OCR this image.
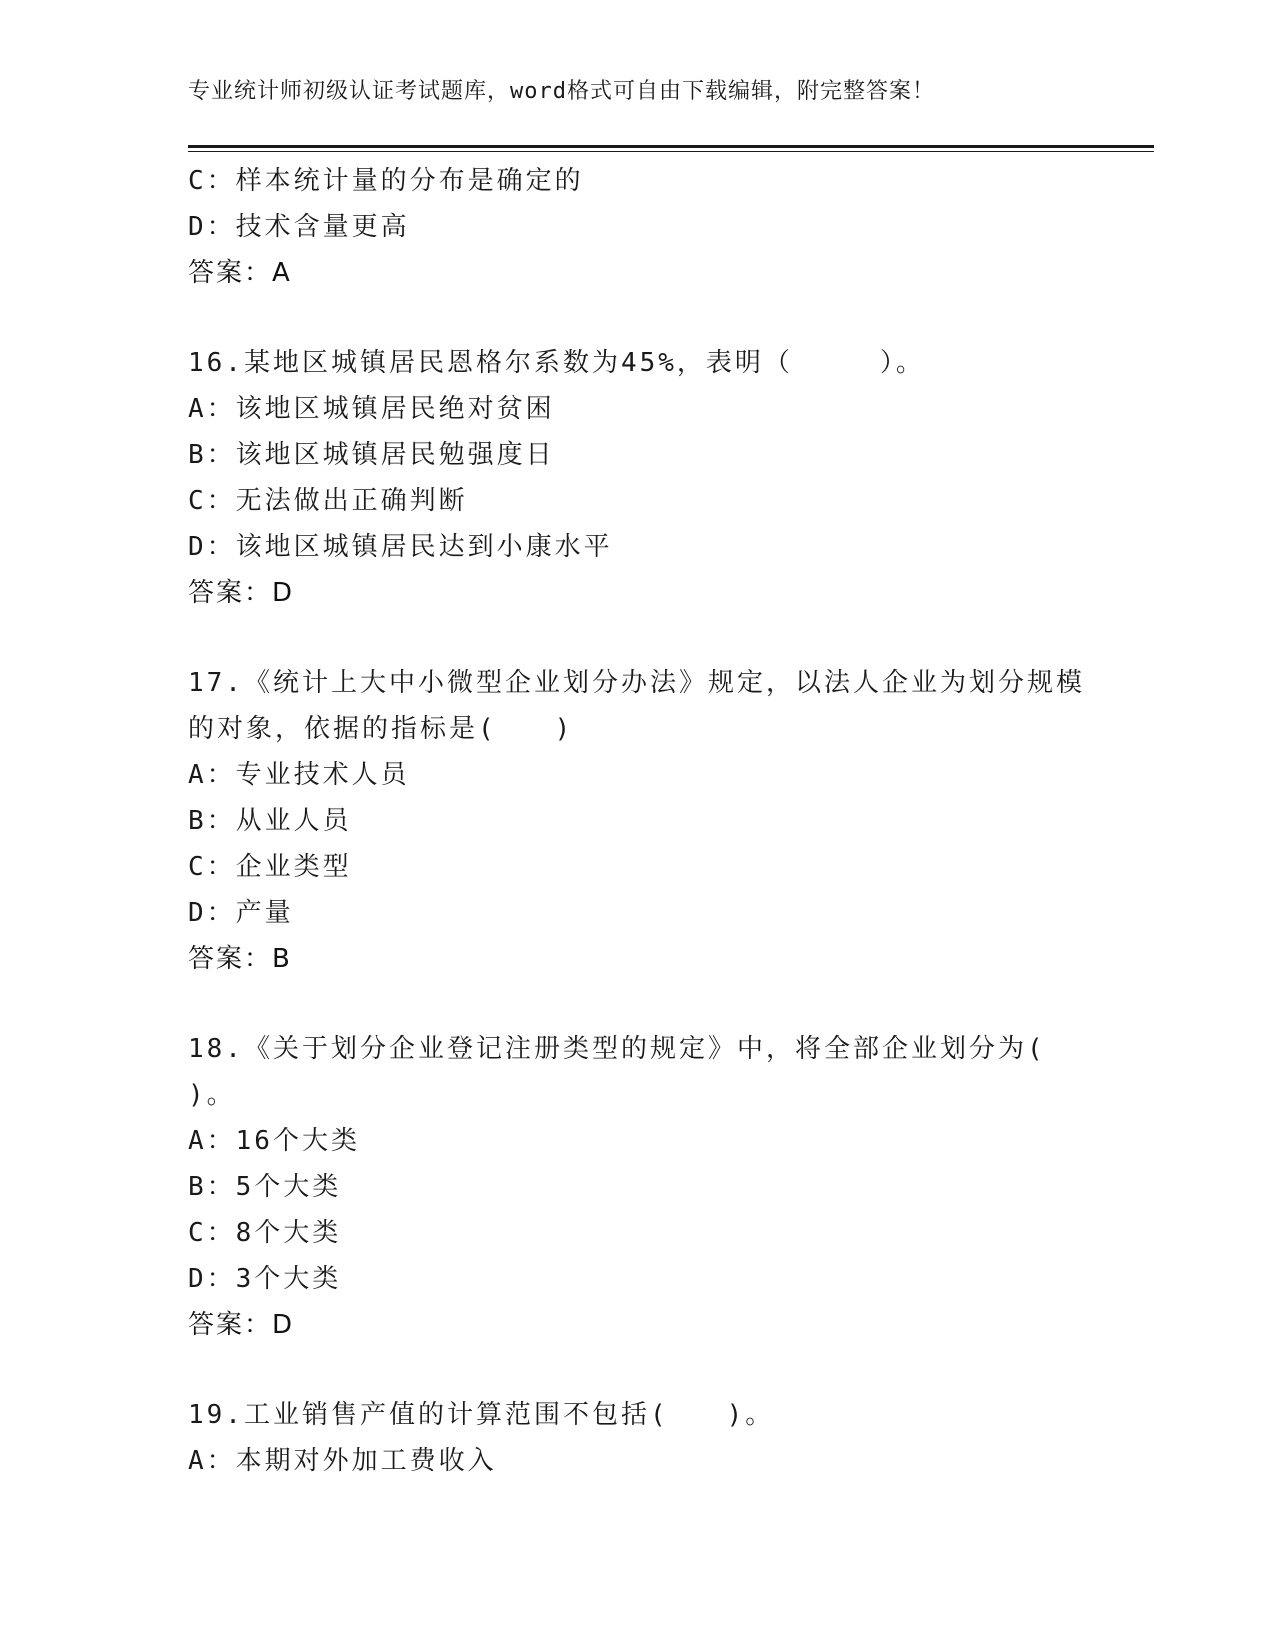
专业统计师初级认证考试题库，word格式可自由下载编辑，附完整答案！
C：样本统计量的分布是确定的
D：技术含量更高
答案：A
16.某地区城镇居民恩格尔系数为45%，表明（　　　）。
A：该地区城镇居民绝对贫困
B：该地区城镇居民勉强度日
C：无法做出正确判断
D：该地区城镇居民达到小康水平
答案：D
17.《统计上大中小微型企业划分办法》规定，以法人企业为划分规模
的对象，依据的指标是(　　)
A：专业技术人员
B：从业人员
C：企业类型
D：产量
答案：B
18.《关于划分企业登记注册类型的规定》中，将全部企业划分为(
)。
A：16个大类
B：5个大类
C：8个大类
D：3个大类
答案：D
19.工业销售产值的计算范围不包括(　　)。
A：本期对外加工费收入
